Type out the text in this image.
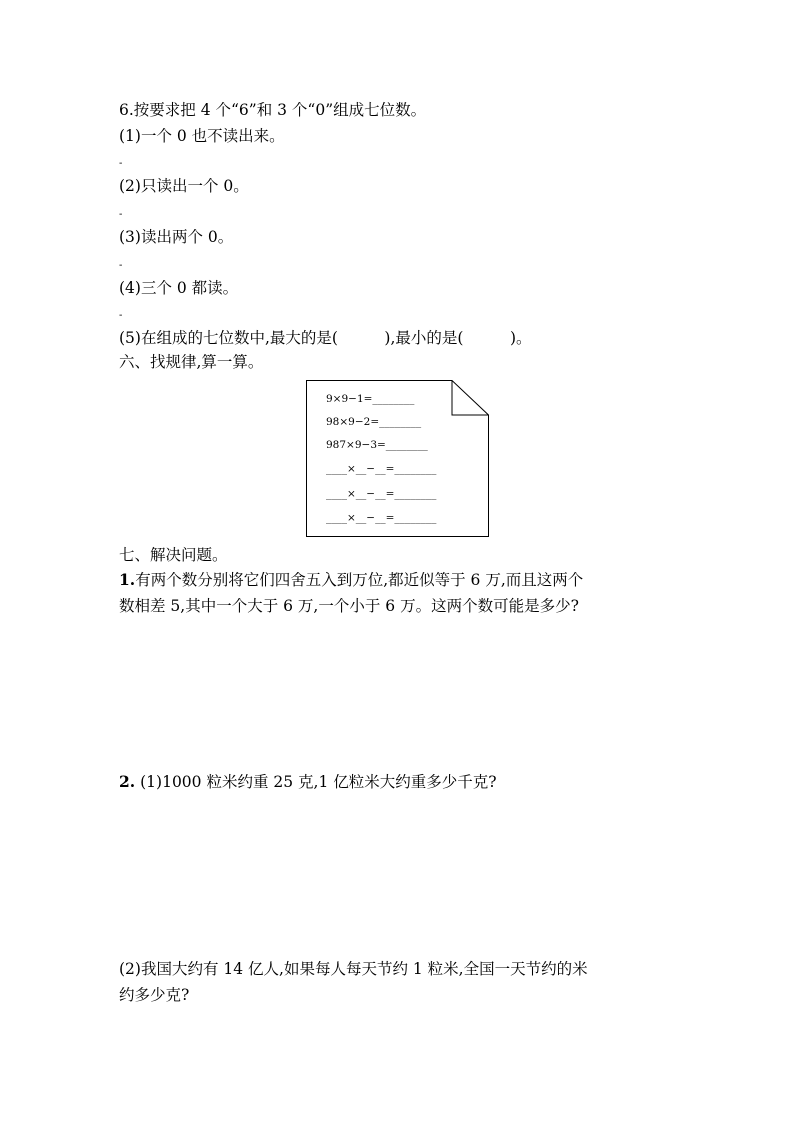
6.按要求把 4 个“6”和 3 个“0”组成七位数。
(1)一个 0 也不读出来。
-
(2)只读出一个 0。
-
(3)读出两个 0。
-
(4)三个 0 都读。
-
(5)在组成的七位数中,最大的是(　　　),最小的是(　　　)。
六、找规律,算一算。
9×9−1=________
98×9−2=________
987×9−3=________
____×__−__=________
____×__−__=________
____×__−__=________
七、解决问题。
1.有两个数分别将它们四舍五入到万位,都近似等于 6 万,而且这两个
数相差 5,其中一个大于 6 万,一个小于 6 万。这两个数可能是多少?
2. (1)1000 粒米约重 25 克,1 亿粒米大约重多少千克?
(2)我国大约有 14 亿人,如果每人每天节约 1 粒米,全国一天节约的米
约多少克?
